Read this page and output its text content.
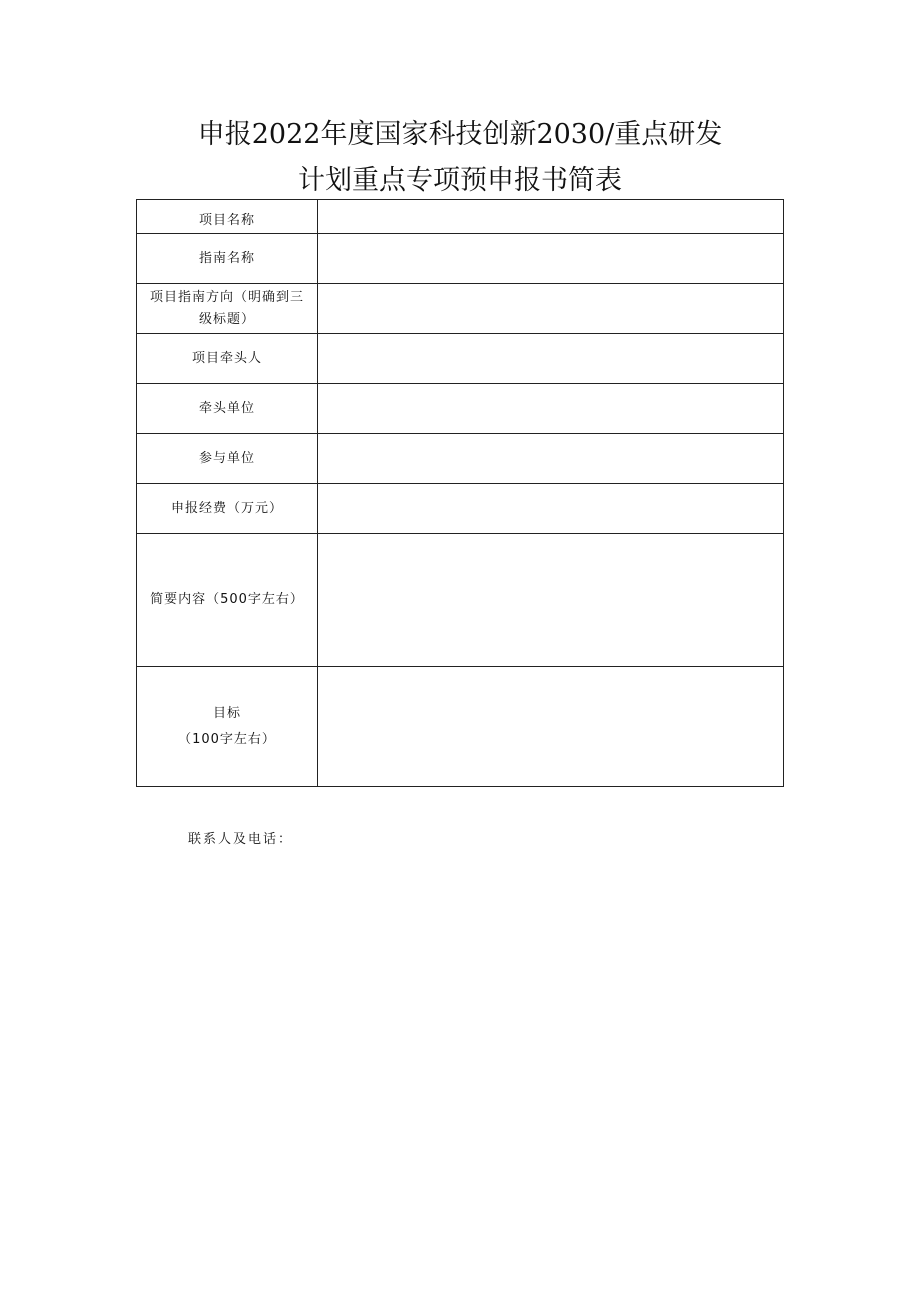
申报2022年度国家科技创新2030/重点研发
计划重点专项预申报书简表
项目名称	

指南名称	

项目指南方向（明确到三
级标题）	

项目牵头人	

牵头单位	

参与单位	

申报经费（万元）	

简要内容（500字左右）	

目标
（100字左右）	

联系人及电话：
